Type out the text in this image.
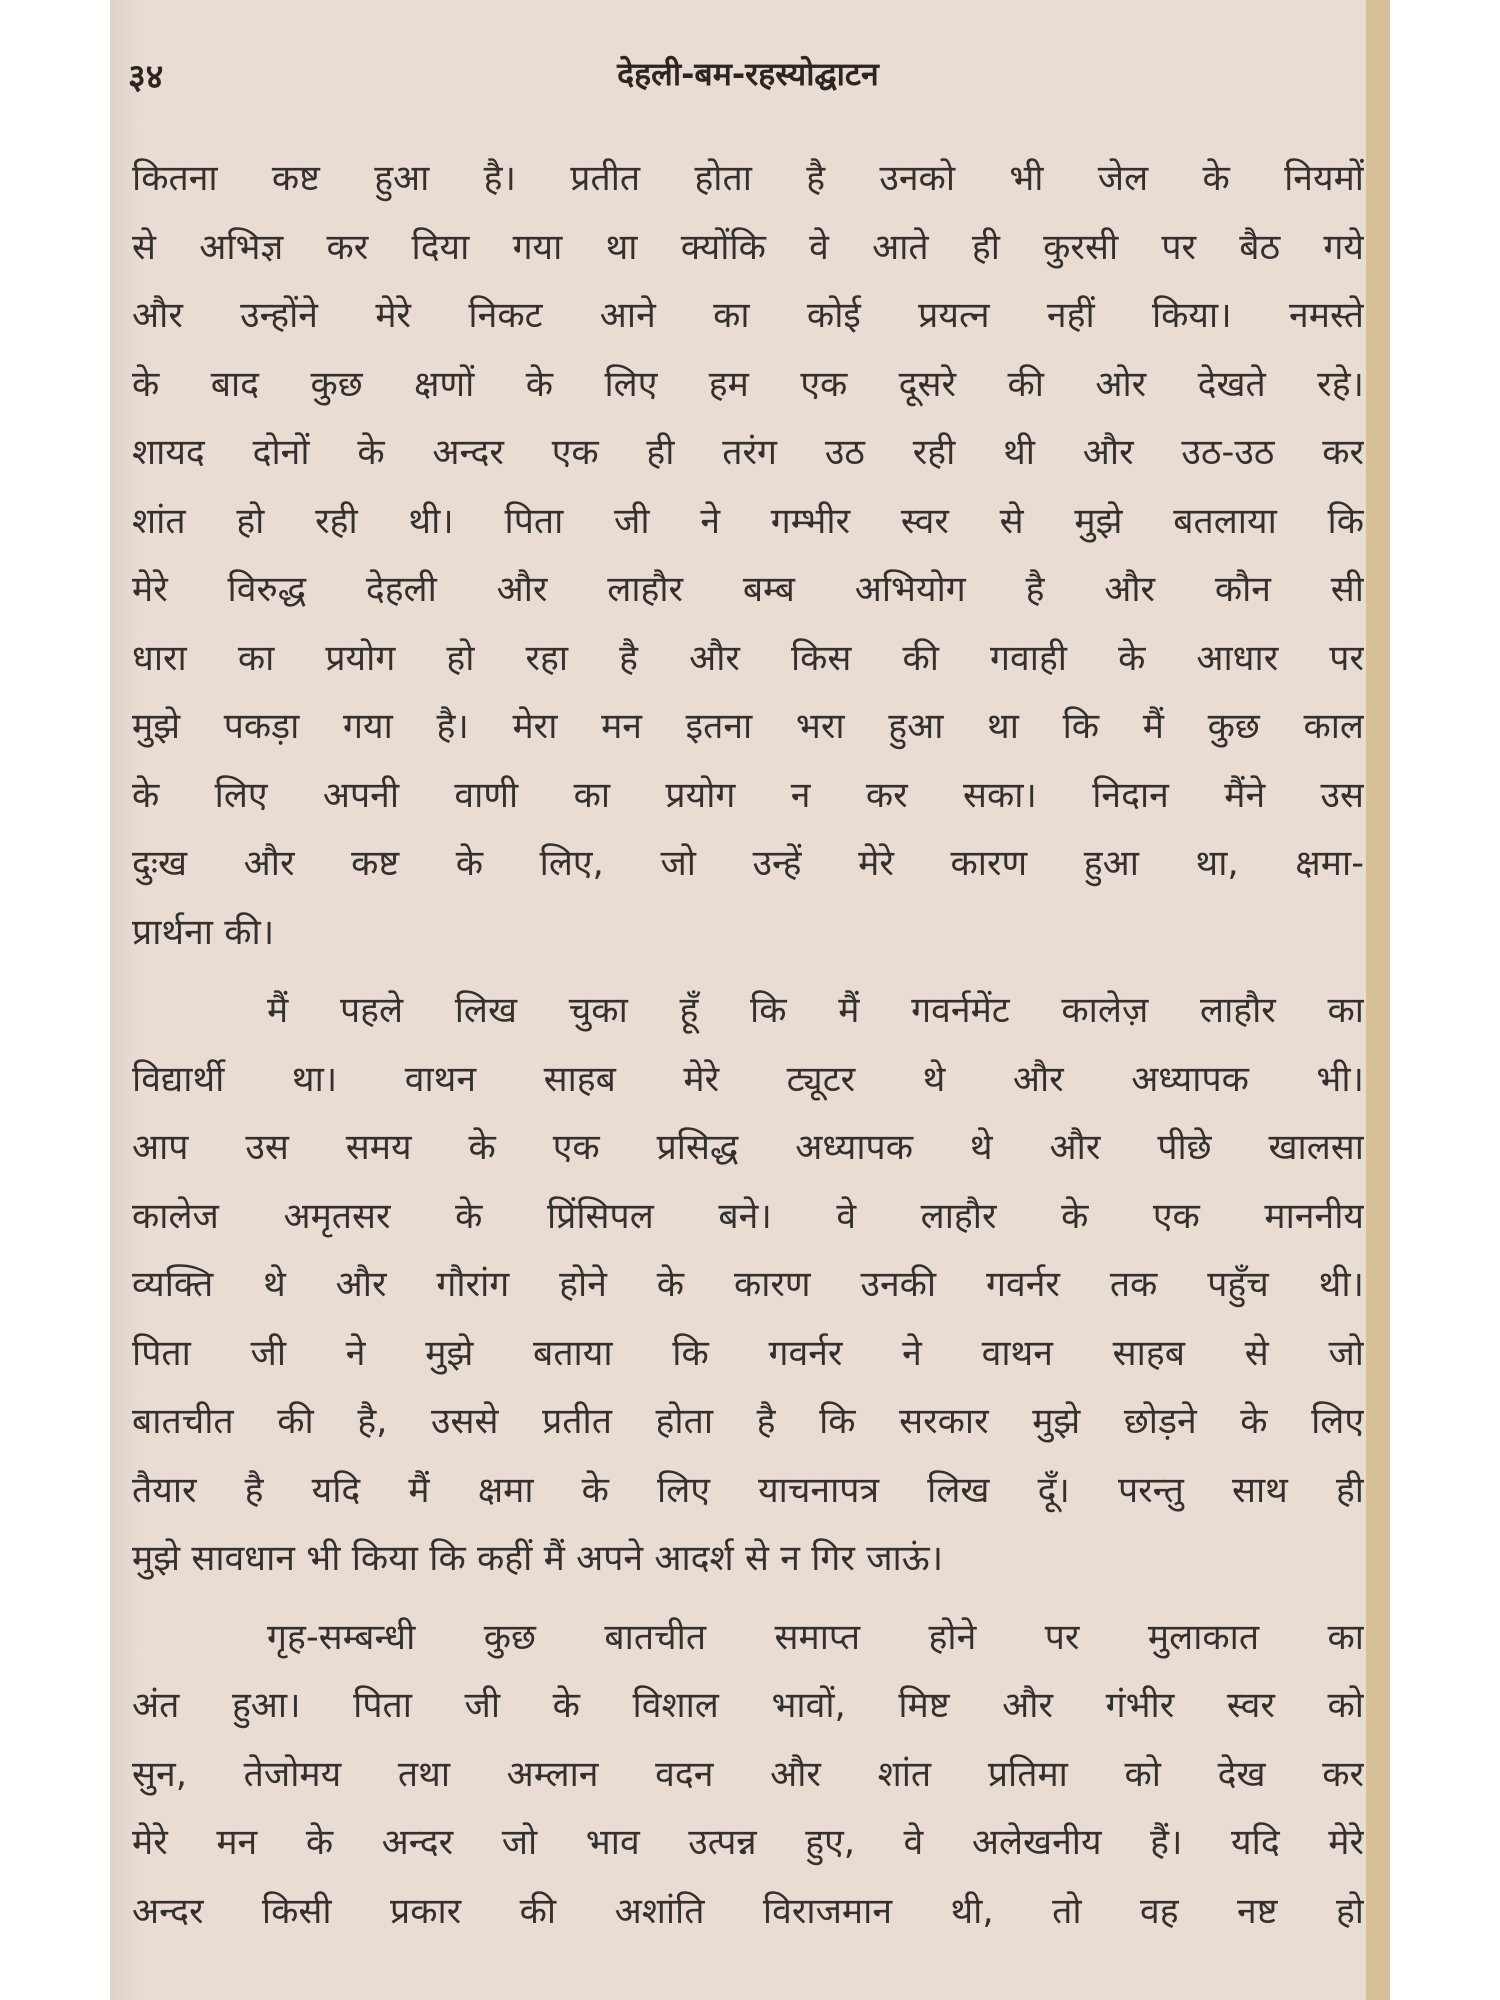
३४	देहली-बम-रहस्योद्घाटन
कितना कष्ट हुआ है। प्रतीत होता है उनको भी जेल के नियमों
से अभिज्ञ कर दिया गया था क्योंकि वे आते ही कुरसी पर बैठ गये
और उन्होंने मेरे निकट आने का कोई प्रयत्न नहीं किया। नमस्ते
के बाद कुछ क्षणों के लिए हम एक दूसरे की ओर देखते रहे।
शायद दोनों के अन्दर एक ही तरंग उठ रही थी और उठ-उठ कर
शांत हो रही थी। पिता जी ने गम्भीर स्वर से मुझे बतलाया कि
मेरे विरुद्ध देहली और लाहौर बम्ब अभियोग है और कौन सी
धारा का प्रयोग हो रहा है और किस की गवाही के आधार पर
मुझे पकड़ा गया है। मेरा मन इतना भरा हुआ था कि मैं कुछ काल
के लिए अपनी वाणी का प्रयोग न कर सका। निदान मैंने उस
दुःख और कष्ट के लिए, जो उन्हें मेरे कारण हुआ था, क्षमा-
प्रार्थना की।
मैं पहले लिख चुका हूँ कि मैं गवर्नमेंट कालेज़ लाहौर का
विद्यार्थी था। वाथन साहब मेरे ट्यूटर थे और अध्यापक भी।
आप उस समय के एक प्रसिद्ध अध्यापक थे और पीछे खालसा
कालेज अमृतसर के प्रिंसिपल बने। वे लाहौर के एक माननीय
व्यक्ति थे और गौरांग होने के कारण उनकी गवर्नर तक पहुँच थी।
पिता जी ने मुझे बताया कि गवर्नर ने वाथन साहब से जो
बातचीत की है, उससे प्रतीत होता है कि सरकार मुझे छोड़ने के लिए
तैयार है यदि मैं क्षमा के लिए याचनापत्र लिख दूँ। परन्तु साथ ही
मुझे सावधान भी किया कि कहीं मैं अपने आदर्श से न गिर जाऊं।
गृह-सम्बन्धी कुछ बातचीत समाप्त होने पर मुलाकात का
अंत हुआ। पिता जी के विशाल भावों, मिष्ट और गंभीर स्वर को
सुन, तेजोमय तथा अम्लान वदन और शांत प्रतिमा को देख कर
मेरे मन के अन्दर जो भाव उत्पन्न हुए, वे अलेखनीय हैं। यदि मेरे
अन्दर किसी प्रकार की अशांति विराजमान थी, तो वह नष्ट हो
